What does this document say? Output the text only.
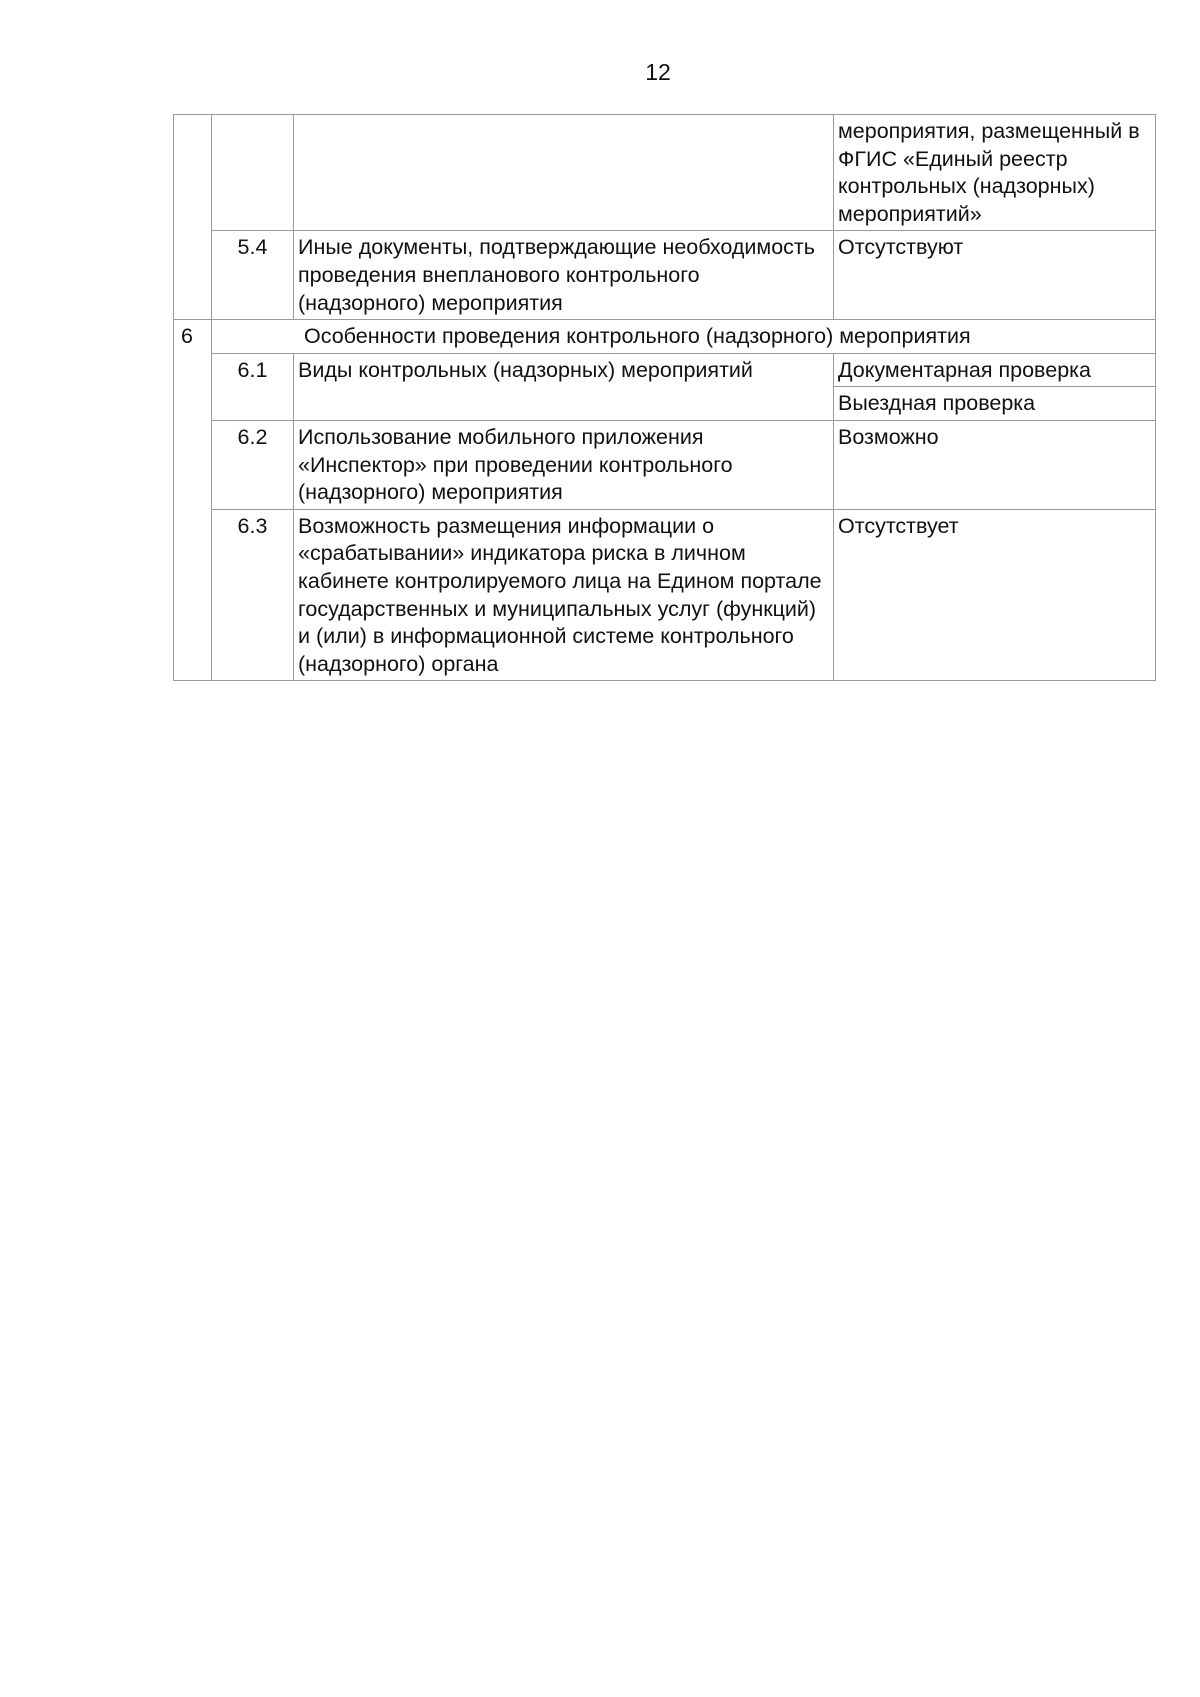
12
			мероприятия, размещенный в ФГИС «Единый реестр контрольных (надзорных) мероприятий»
	5.4	Иные документы, подтверждающие необходимость проведения внепланового контрольного (надзорного) мероприятия	Отсутствуют
6	Особенности проведения контрольного (надзорного) мероприятия		
	6.1	Виды контрольных (надзорных) мероприятий	Документарная проверка
			Выездная проверка
	6.2	Использование мобильного приложения «Инспектор» при проведении контрольного (надзорного) мероприятия	Возможно
	6.3	Возможность размещения информации о «срабатывании» индикатора риска в личном кабинете контролируемого лица на Едином портале государственных и муниципальных услуг (функций) и (или) в информационной системе контрольного (надзорного) органа	Отсутствует
